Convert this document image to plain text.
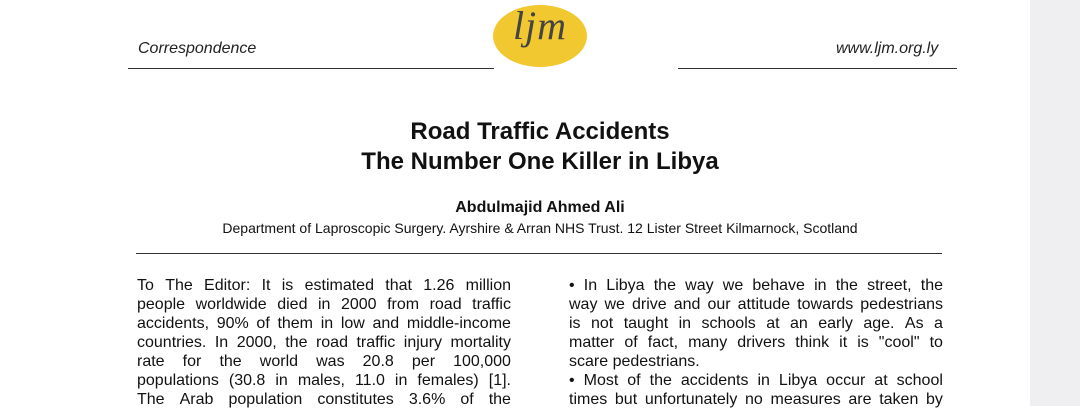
Correspondence
ljm
www.ljm.org.ly
Road Traffic Accidents
The Number One Killer in Libya
Abdulmajid Ahmed Ali
Department of Laproscopic Surgery. Ayrshire & Arran NHS Trust. 12 Lister Street Kilmarnock, Scotland
To The Editor: It is estimated that 1.26 million
people worldwide died in 2000 from road traffic
accidents, 90% of them in low and middle-income
countries. In 2000, the road traffic injury mortality
rate for the world was 20.8 per 100,000
populations (30.8 in males, 11.0 in females) [1].
The Arab population constitutes 3.6% of the
• In Libya the way we behave in the street, the
way we drive and our attitude towards pedestrians
is not taught in schools at an early age. As a
matter of fact, many drivers think it is "cool" to
scare pedestrians.
• Most of the accidents in Libya occur at school
times but unfortunately no measures are taken by
